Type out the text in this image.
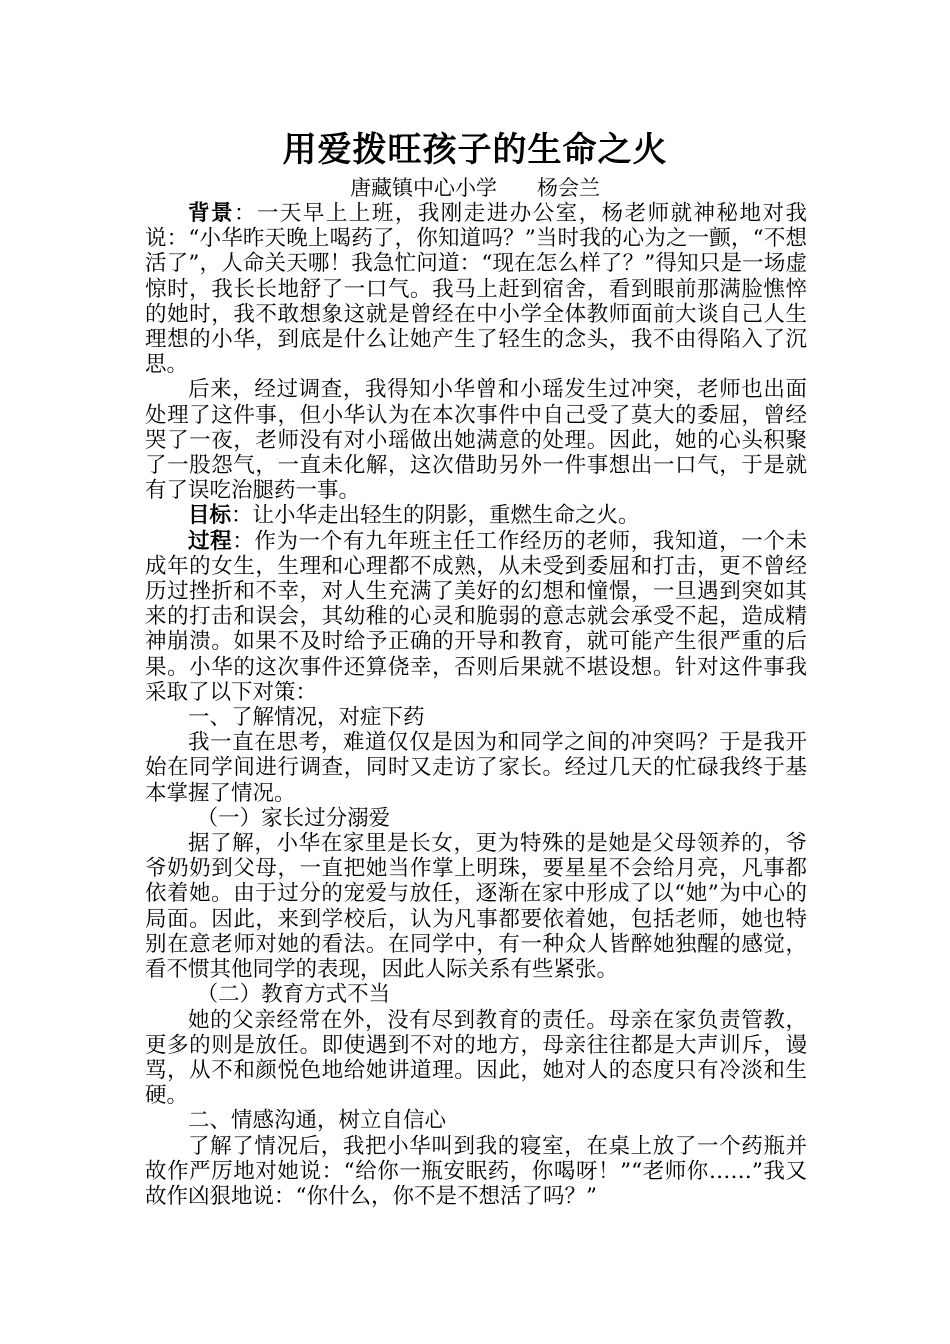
用爱拨旺孩子的生命之火
唐藏镇中心小学 杨会兰

背景：一天早上上班，我刚走进办公室，杨老师就神秘地对我说：“小华昨天晚上喝药了，你知道吗？”当时我的心为之一颤，“不想活了”，人命关天哪！我急忙问道：“现在怎么样了？”得知只是一场虚惊时，我长长地舒了一口气。我马上赶到宿舍，看到眼前那满脸憔悴的她时，我不敢想象这就是曾经在中小学全体教师面前大谈自己人生理想的小华，到底是什么让她产生了轻生的念头，我不由得陷入了沉思。

后来，经过调查，我得知小华曾和小瑶发生过冲突，老师也出面处理了这件事，但小华认为在本次事件中自己受了莫大的委屈，曾经哭了一夜，老师没有对小瑶做出她满意的处理。因此，她的心头积聚了一股怨气，一直未化解，这次借助另外一件事想出一口气，于是就有了误吃治腿药一事。

目标：让小华走出轻生的阴影，重燃生命之火。

过程：作为一个有九年班主任工作经历的老师，我知道，一个未成年的女生，生理和心理都不成熟，从未受到委屈和打击，更不曾经历过挫折和不幸，对人生充满了美好的幻想和憧憬，一旦遇到突如其来的打击和误会，其幼稚的心灵和脆弱的意志就会承受不起，造成精神崩溃。如果不及时给予正确的开导和教育，就可能产生很严重的后果。小华的这次事件还算侥幸，否则后果就不堪设想。针对这件事我采取了以下对策：

一、了解情况，对症下药

我一直在思考，难道仅仅是因为和同学之间的冲突吗？于是我开始在同学间进行调查，同时又走访了家长。经过几天的忙碌我终于基本掌握了情况。

（一）家长过分溺爱

据了解，小华在家里是长女，更为特殊的是她是父母领养的，爷爷奶奶到父母，一直把她当作掌上明珠，要星星不会给月亮，凡事都依着她。由于过分的宠爱与放任，逐渐在家中形成了以“她”为中心的局面。因此，来到学校后，认为凡事都要依着她，包括老师，她也特别在意老师对她的看法。在同学中，有一种众人皆醉她独醒的感觉，看不惯其他同学的表现，因此人际关系有些紧张。

（二）教育方式不当

她的父亲经常在外，没有尽到教育的责任。母亲在家负责管教，更多的则是放任。即使遇到不对的地方，母亲往往都是大声训斥，谩骂，从不和颜悦色地给她讲道理。因此，她对人的态度只有冷淡和生硬。

二、情感沟通，树立自信心

了解了情况后，我把小华叫到我的寝室，在桌上放了一个药瓶并故作严厉地对她说：“给你一瓶安眠药，你喝呀！”“老师你……”我又故作凶狠地说：“你什么，你不是不想活了吗？”
